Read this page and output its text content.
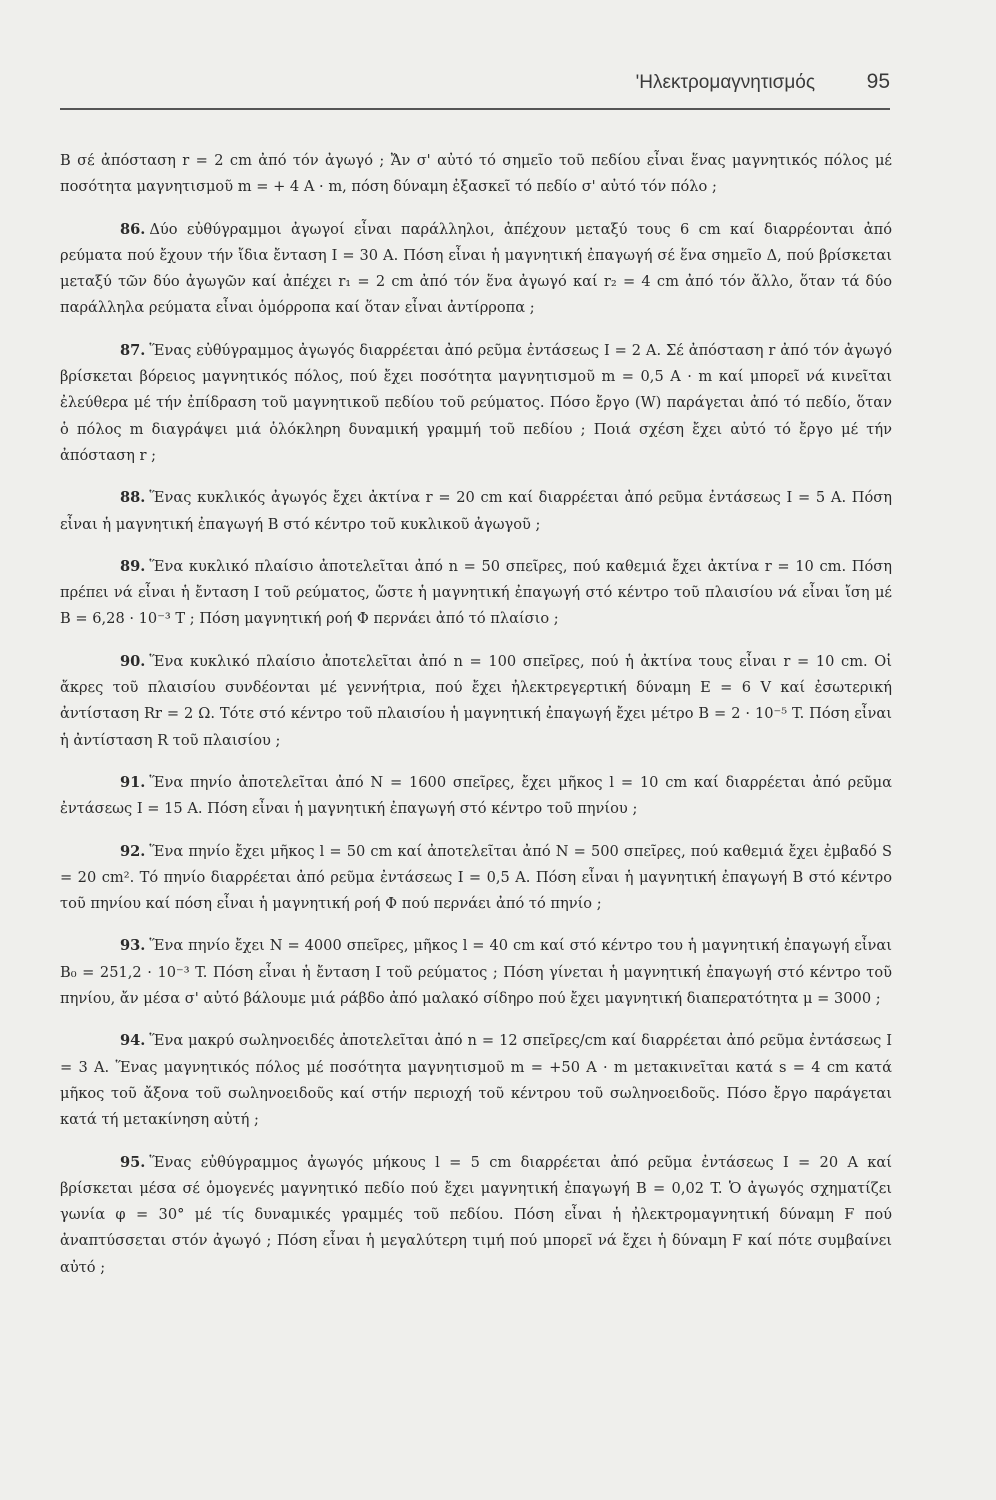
'Ηλεκτρομαγνητισμός 95

B σέ ἀπόσταση r = 2 cm ἀπό τόν ἀγωγό ; Ἄν σ' αὐτό τό σημεῖο τοῦ πεδίου εἶναι ἕνας μαγνητικός πόλος μέ ποσότητα μαγνητισμοῦ m = + 4 A · m, πόση δύναμη ἐξασκεῖ τό πεδίο σ' αὐτό τόν πόλο ;

86. Δύο εὐθύγραμμοι ἀγωγοί εἶναι παράλληλοι, ἀπέχουν μεταξύ τους 6 cm καί διαρρέονται ἀπό ρεύματα πού ἔχουν τήν ἴδια ἔνταση I = 30 A. Πόση εἶναι ἡ μαγνητική ἐπαγωγή σέ ἕνα σημεῖο Δ, πού βρίσκεται μεταξύ τῶν δύο ἀγωγῶν καί ἀπέχει r₁ = 2 cm ἀπό τόν ἕνα ἀγωγό καί r₂ = 4 cm ἀπό τόν ἄλλο, ὅταν τά δύο παράλληλα ρεύματα εἶναι ὁμόρροπα καί ὅταν εἶναι ἀντίρροπα ;

87. Ἕνας εὐθύγραμμος ἀγωγός διαρρέεται ἀπό ρεῦμα ἐντάσεως I = 2 A. Σέ ἀπόσταση r ἀπό τόν ἀγωγό βρίσκεται βόρειος μαγνητικός πόλος, πού ἔχει ποσότητα μαγνητισμοῦ m = 0,5 A · m καί μπορεῖ νά κινεῖται ἐλεύθερα μέ τήν ἐπίδραση τοῦ μαγνητικοῦ πεδίου τοῦ ρεύματος. Πόσο ἔργο (W) παράγεται ἀπό τό πεδίο, ὅταν ὁ πόλος m διαγράψει μιά ὁλόκληρη δυναμική γραμμή τοῦ πεδίου ; Ποιά σχέση ἔχει αὐτό τό ἔργο μέ τήν ἀπόσταση r ;

88. Ἕνας κυκλικός ἀγωγός ἔχει ἀκτίνα r = 20 cm καί διαρρέεται ἀπό ρεῦμα ἐντάσεως I = 5 A. Πόση εἶναι ἡ μαγνητική ἐπαγωγή B στό κέντρο τοῦ κυκλικοῦ ἀγωγοῦ ;

89. Ἕνα κυκλικό πλαίσιο ἀποτελεῖται ἀπό n = 50 σπεῖρες, πού καθεμιά ἔχει ἀκτίνα r = 10 cm. Πόση πρέπει νά εἶναι ἡ ἔνταση I τοῦ ρεύματος, ὥστε ἡ μαγνητική ἐπαγωγή στό κέντρο τοῦ πλαισίου νά εἶναι ἴση μέ B = 6,28 · 10⁻³ T ; Πόση μαγνητική ροή Φ περνάει ἀπό τό πλαίσιο ;

90. Ἕνα κυκλικό πλαίσιο ἀποτελεῖται ἀπό n = 100 σπεῖρες, πού ἡ ἀκτίνα τους εἶναι r = 10 cm. Οἱ ἄκρες τοῦ πλαισίου συνδέονται μέ γεννήτρια, πού ἔχει ἠλεκτρεγερτική δύναμη E = 6 V καί ἐσωτερική ἀντίσταση Rr = 2 Ω. Τότε στό κέντρο τοῦ πλαισίου ἡ μαγνητική ἐπαγωγή ἔχει μέτρο B = 2 · 10⁻⁵ T. Πόση εἶναι ἡ ἀντίσταση R τοῦ πλαισίου ;

91. Ἕνα πηνίο ἀποτελεῖται ἀπό N = 1600 σπεῖρες, ἔχει μῆκος l = 10 cm καί διαρρέεται ἀπό ρεῦμα ἐντάσεως I = 15 A. Πόση εἶναι ἡ μαγνητική ἐπαγωγή στό κέντρο τοῦ πηνίου ;

92. Ἕνα πηνίο ἔχει μῆκος l = 50 cm καί ἀποτελεῖται ἀπό N = 500 σπεῖρες, πού καθεμιά ἔχει ἐμβαδό S = 20 cm². Τό πηνίο διαρρέεται ἀπό ρεῦμα ἐντάσεως I = 0,5 A. Πόση εἶναι ἡ μαγνητική ἐπαγωγή B στό κέντρο τοῦ πηνίου καί πόση εἶναι ἡ μαγνητική ροή Φ πού περνάει ἀπό τό πηνίο ;

93. Ἕνα πηνίο ἔχει N = 4000 σπεῖρες, μῆκος l = 40 cm καί στό κέντρο του ἡ μαγνητική ἐπαγωγή εἶναι B₀ = 251,2 · 10⁻³ T. Πόση εἶναι ἡ ἔνταση I τοῦ ρεύματος ; Πόση γίνεται ἡ μαγνητική ἐπαγωγή στό κέντρο τοῦ πηνίου, ἄν μέσα σ' αὐτό βάλουμε μιά ράβδο ἀπό μαλακό σίδηρο πού ἔχει μαγνητική διαπερατότητα μ = 3000 ;

94. Ἕνα μακρύ σωληνοειδές ἀποτελεῖται ἀπό n = 12 σπεῖρες/cm καί διαρρέεται ἀπό ρεῦμα ἐντάσεως I = 3 A. Ἕνας μαγνητικός πόλος μέ ποσότητα μαγνητισμοῦ m = +50 A · m μετακινεῖται κατά s = 4 cm κατά μῆκος τοῦ ἄξονα τοῦ σωληνοειδοῦς καί στήν περιοχή τοῦ κέντρου τοῦ σωληνοειδοῦς. Πόσο ἔργο παράγεται κατά τή μετακίνηση αὐτή ;

95. Ἕνας εὐθύγραμμος ἀγωγός μήκους l = 5 cm διαρρέεται ἀπό ρεῦμα ἐντάσεως I = 20 A καί βρίσκεται μέσα σέ ὁμογενές μαγνητικό πεδίο πού ἔχει μαγνητική ἐπαγωγή B = 0,02 T. Ὁ ἀγωγός σχηματίζει γωνία φ = 30° μέ τίς δυναμικές γραμμές τοῦ πεδίου. Πόση εἶναι ἡ ἠλεκτρομαγνητική δύναμη F πού ἀναπτύσσεται στόν ἀγωγό ; Πόση εἶναι ἡ μεγαλύτερη τιμή πού μπορεῖ νά ἔχει ἡ δύναμη F καί πότε συμβαίνει αὐτό ;
